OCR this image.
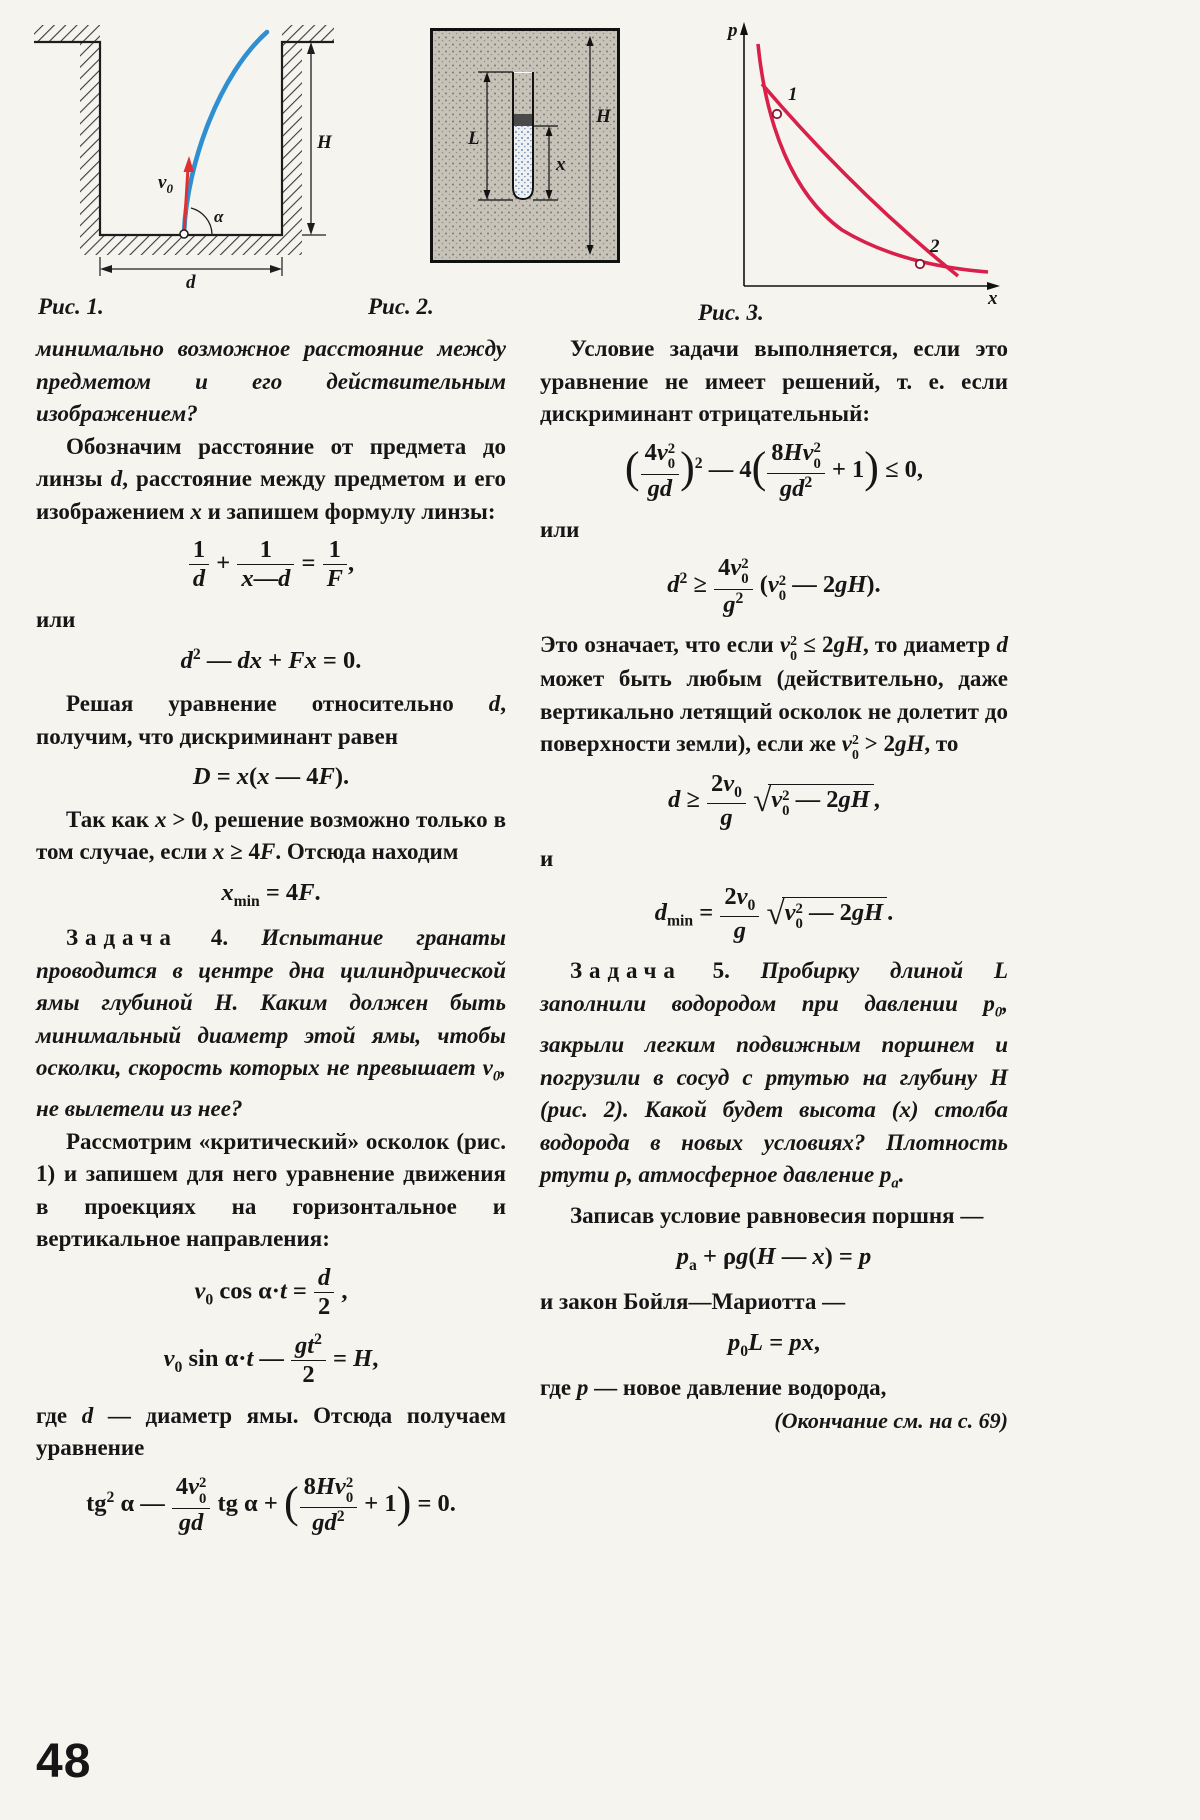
$v_0$
α
H
d
L
x
H
p
x
1
2
Рис. 1.	Рис. 2.	Рис. 3.

минимально возможное расстояние между предметом и его действительным изображением?

Обозначим расстояние от предмета до линзы d, расстояние между предметом и его изображением x и запишем формулу линзы:

$\frac{1}{d} + \frac{1}{x—d} = \frac{1}{F}$ ,

или

$d^2$ — dx + Fx = 0.

Решая уравнение относительно d, получим, что дискриминант равен

D = x(x — 4F).

Так как x > 0, решение возможно только в том случае, если x ≥ 4F. Отсюда находим

$x_{min} = 4F$.

Задача 4. Испытание гранаты проводится в центре дна цилиндрической ямы глубиной H. Каким должен быть минимальный диаметр этой ямы, чтобы осколки, скорость которых не превышает $v_0$, не вылетели из нее?

Рассмотрим «критический» осколок (рис. 1) и запишем для него уравнение движения в проекциях на горизонтальное и вертикальное направления:

$v_0$ $\cos \alpha\cdot t = \frac{d}{2}$ ,
$v_0$ sin α·t — $\frac{gt^2}{2} = H$,

где d — диаметр ямы. Отсюда получаем уравнение

$tg^2$ α — 4v 2
0
gd tg α + ( 8Hv 2
0
$gd^2 + 1) = 0$.

Условие задачи выполняется, если это уравнение не имеет решений, т. е. если дискриминант отрицательный:

( 4v 2
0
gd )$^2$ — 4( 8Hv 2
0
$gd^2 + 1) \le 0$,

или

$d^2 \ge 4v$ 2
0
$g^2$ (v 2
0 — 2gH).

Это означает, что если v 2
0 ≤ 2gH, то диаметр d может быть любым (действительно, даже вертикально летящий осколок не долетит до поверхности земли), если же v 2
0 > 2gH, то

$d \ge \frac{2v_0}{g} √v$ 2
0 — 2gH ,

и

$d_{min} = \frac{2v_0}{g} √v$ 2
0 — 2gH .

Задача 5. Пробирку длиной L заполнили водородом при давлении $p_0$, закрыли легким подвижным поршнем и погрузили в сосуд с ртутью на глубину H (рис. 2). Какой будет высота (x) столба водорода в новых условиях? Плотность ртути ρ, атмосферное давление $p_а$.

Записав условие равновесия поршня —

$p_а + \rho g(H$ — x) = p

и закон Бойля—Мариотта —

$p_0L$ = px,

где p — новое давление водорода,

(Окончание см. на с. 69)

48
